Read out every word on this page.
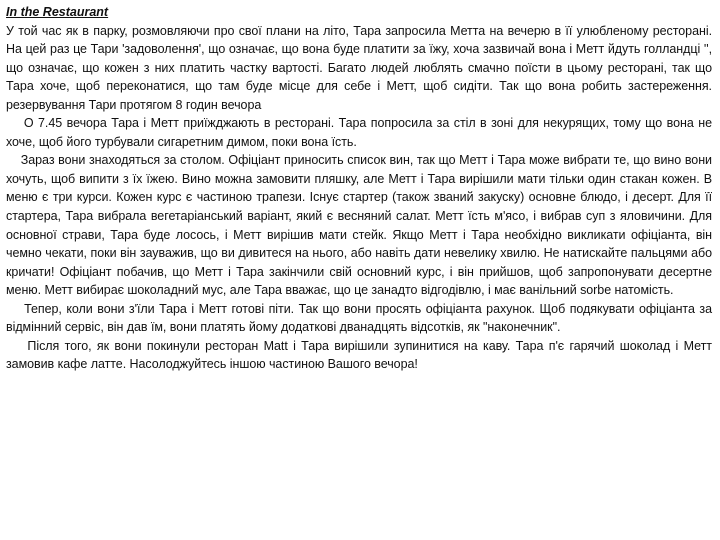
In the Restaurant

У той час як в парку, розмовляючи про свої плани на літо, Тара запросила Метта на вечерю в її улюбленому ресторані. На цей раз це Тари 'задоволення', що означає, що вона буде платити за їжу, хоча зазвичай вона і Метт йдуть голландці '', що означає, що кожен з них платить частку вартості. Багато людей люблять смачно поїсти в цьому ресторані, так що Тара хоче, щоб переконатися, що там буде місце для себе і Метт, щоб сидіти. Так що вона робить застереження. резервування Тари протягом 8 годин вечора

О 7.45 вечора Тара і Метт приїжджають в ресторані. Тара попросила за стіл в зоні для некурящих, тому що вона не хоче, щоб його турбували сигаретним димом, поки вона їсть.

Зараз вони знаходяться за столом. Офіціант приносить список вин, так що Метт і Тара може вибрати те, що вино вони хочуть, щоб випити з їх їжею. Вино можна замовити пляшку, але Метт і Тара вирішили мати тільки один стакан кожен. В меню є три курси. Кожен курс є частиною трапези. Існує стартер (також званий закуску) основне блюдо, і десерт. Для її стартера, Тара вибрала вегетаріанський варіант, який є весняний салат. Метт їсть м'ясо, і вибрав суп з яловичини. Для основної страви, Тара буде лосось, і Метт вирішив мати стейк. Якщо Метт і Тара необхідно викликати офіціанта, він чемно чекати, поки він зауважив, що ви дивитеся на нього, або навіть дати невелику хвилю. Не натискайте пальцями або кричати! Офіціант побачив, що Метт і Тара закінчили свій основний курс, і він прийшов, щоб запропонувати десертне меню. Метт вибирає шоколадний мус, але Тара вважає, що це занадто відгодівлю, і має ванільний sorbe натомість.

Тепер, коли вони з'їли Тара і Метт готові піти. Так що вони просять офіціанта рахунок. Щоб подякувати офіціанта за відмінний сервіс, він дав їм, вони платять йому додаткові дванадцять відсотків, як "наконечник".

Після того, як вони покинули ресторан Matt і Тара вирішили зупинитися на каву. Тара п'є гарячий шоколад і Метт замовив кафе латте. Насолоджуйтесь іншою частиною Вашого вечора!
